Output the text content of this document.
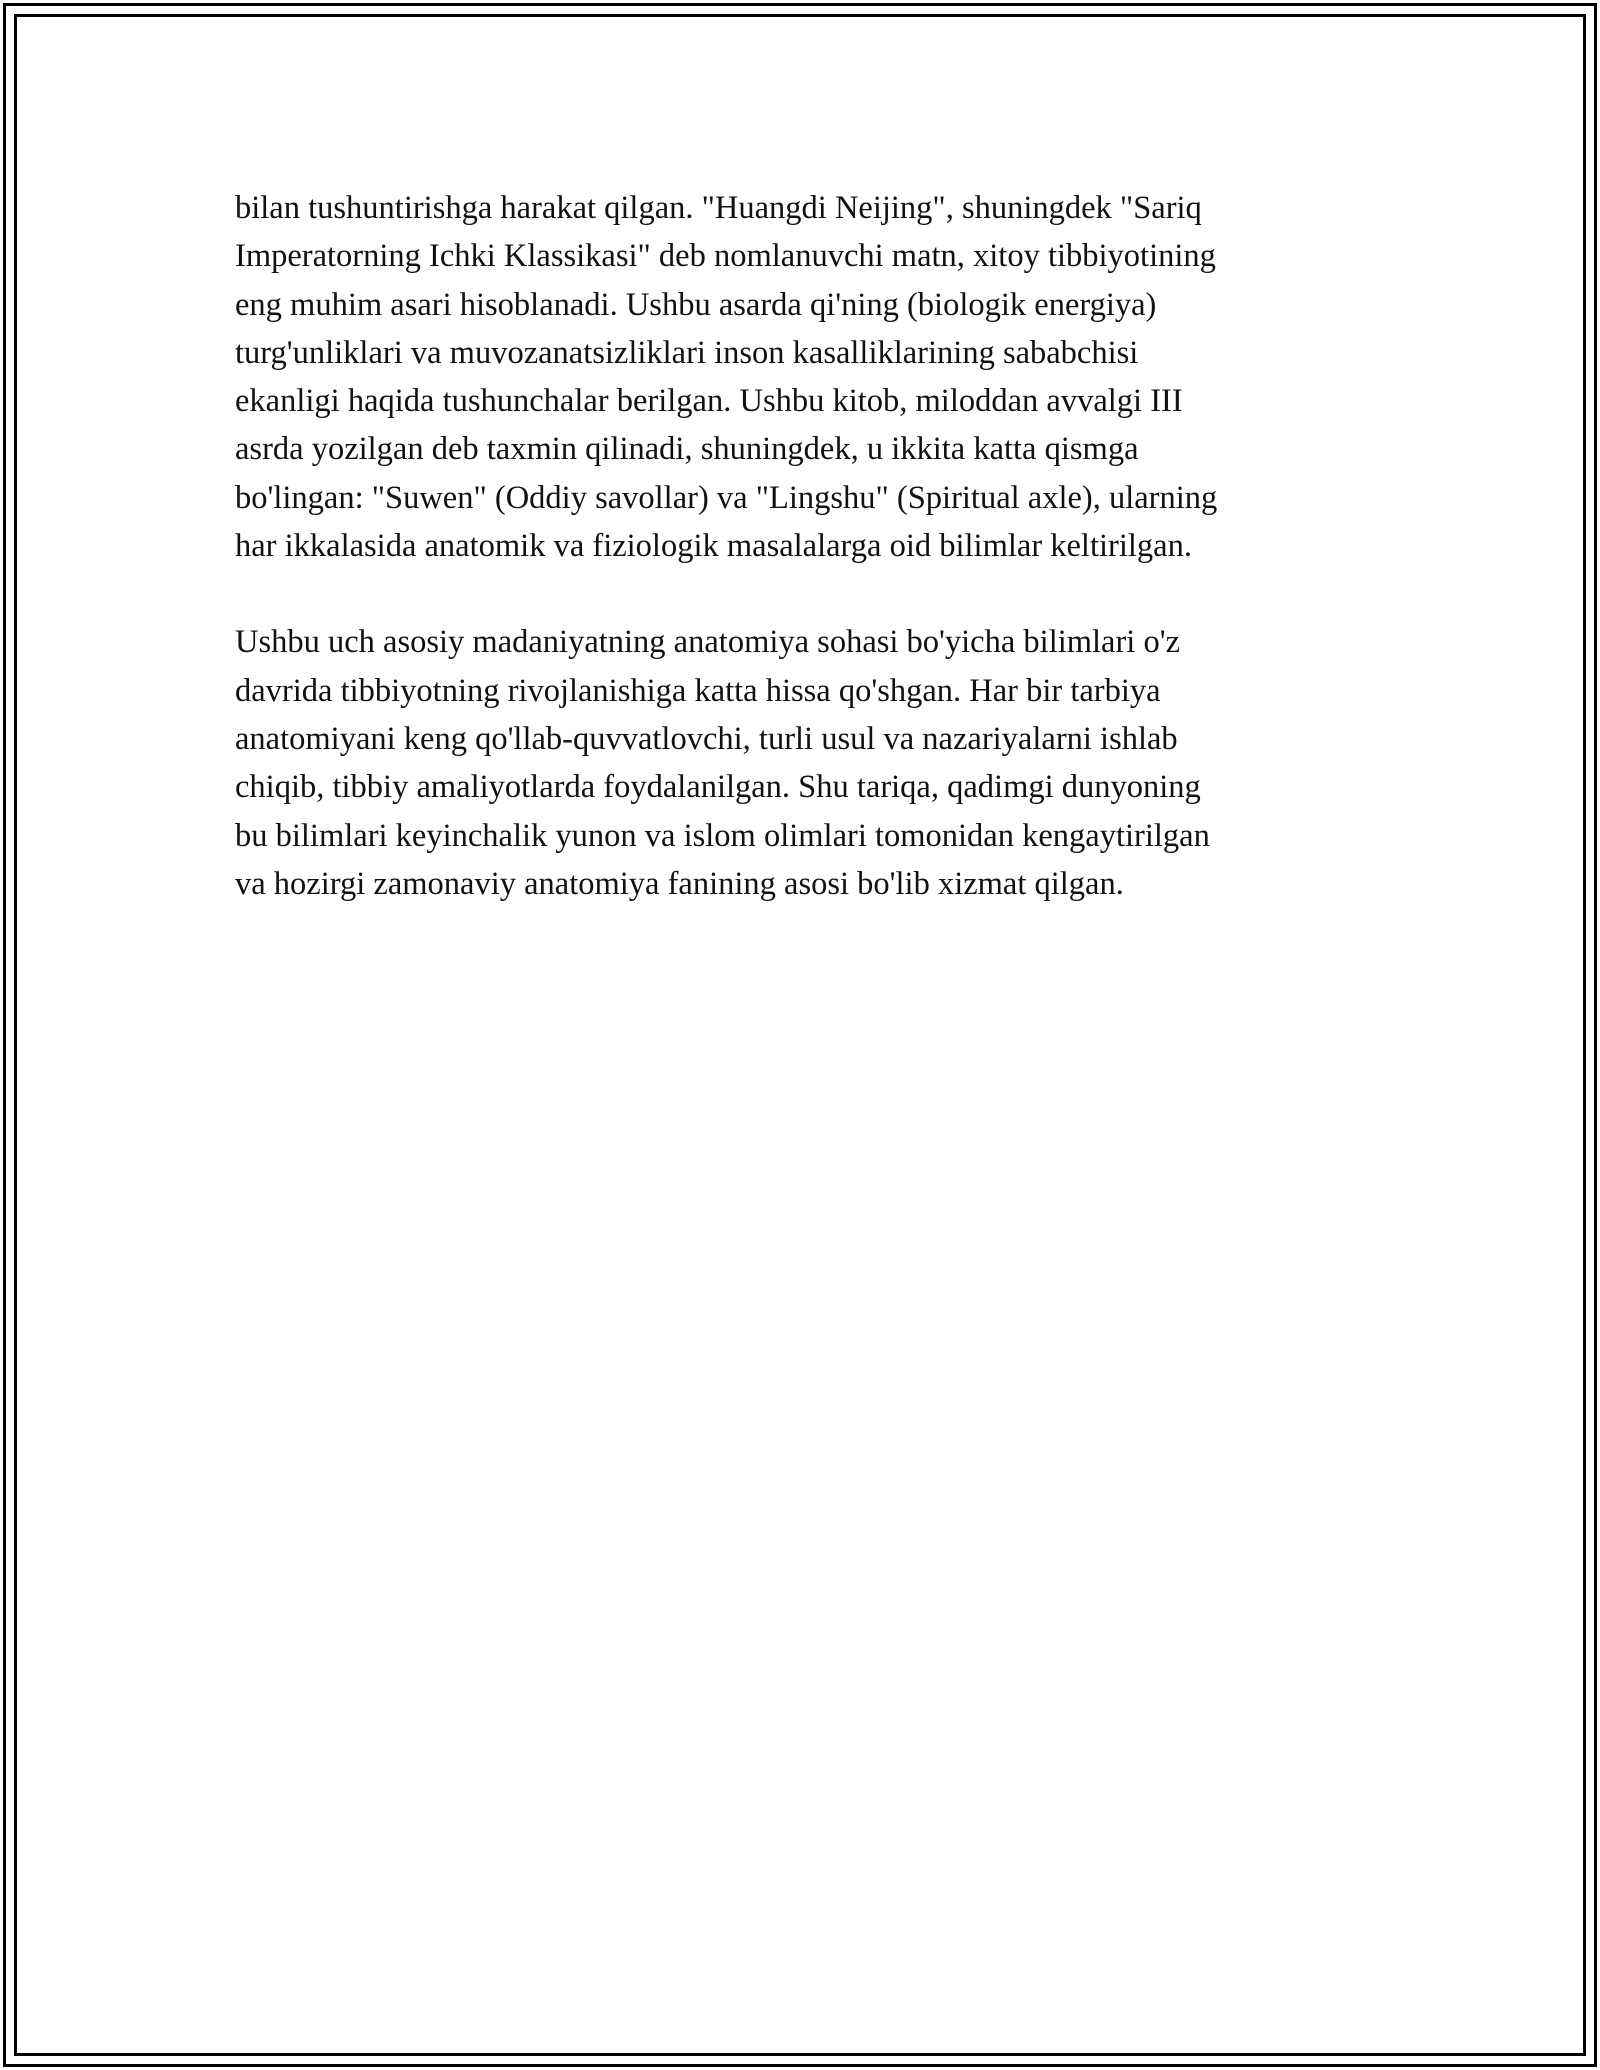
bilan tushuntirishga harakat qilgan. "Huangdi Neijing", shuningdek "Sariq
Imperatorning Ichki Klassikasi" deb nomlanuvchi matn, xitoy tibbiyotining
eng muhim asari hisoblanadi. Ushbu asarda qi'ning (biologik energiya)
turg'unliklari va muvozanatsizliklari inson kasalliklarining sababchisi
ekanligi haqida tushunchalar berilgan. Ushbu kitob, miloddan avvalgi III
asrda yozilgan deb taxmin qilinadi, shuningdek, u ikkita katta qismga
bo'lingan: "Suwen" (Oddiy savollar) va "Lingshu" (Spiritual axle), ularning
har ikkalasida anatomik va fiziologik masalalarga oid bilimlar keltirilgan.

Ushbu uch asosiy madaniyatning anatomiya sohasi bo'yicha bilimlari o'z
davrida tibbiyotning rivojlanishiga katta hissa qo'shgan. Har bir tarbiya
anatomiyani keng qo'llab-quvvatlovchi, turli usul va nazariyalarni ishlab
chiqib, tibbiy amaliyotlarda foydalanilgan. Shu tariqa, qadimgi dunyoning
bu bilimlari keyinchalik yunon va islom olimlari tomonidan kengaytirilgan
va hozirgi zamonaviy anatomiya fanining asosi bo'lib xizmat qilgan.
